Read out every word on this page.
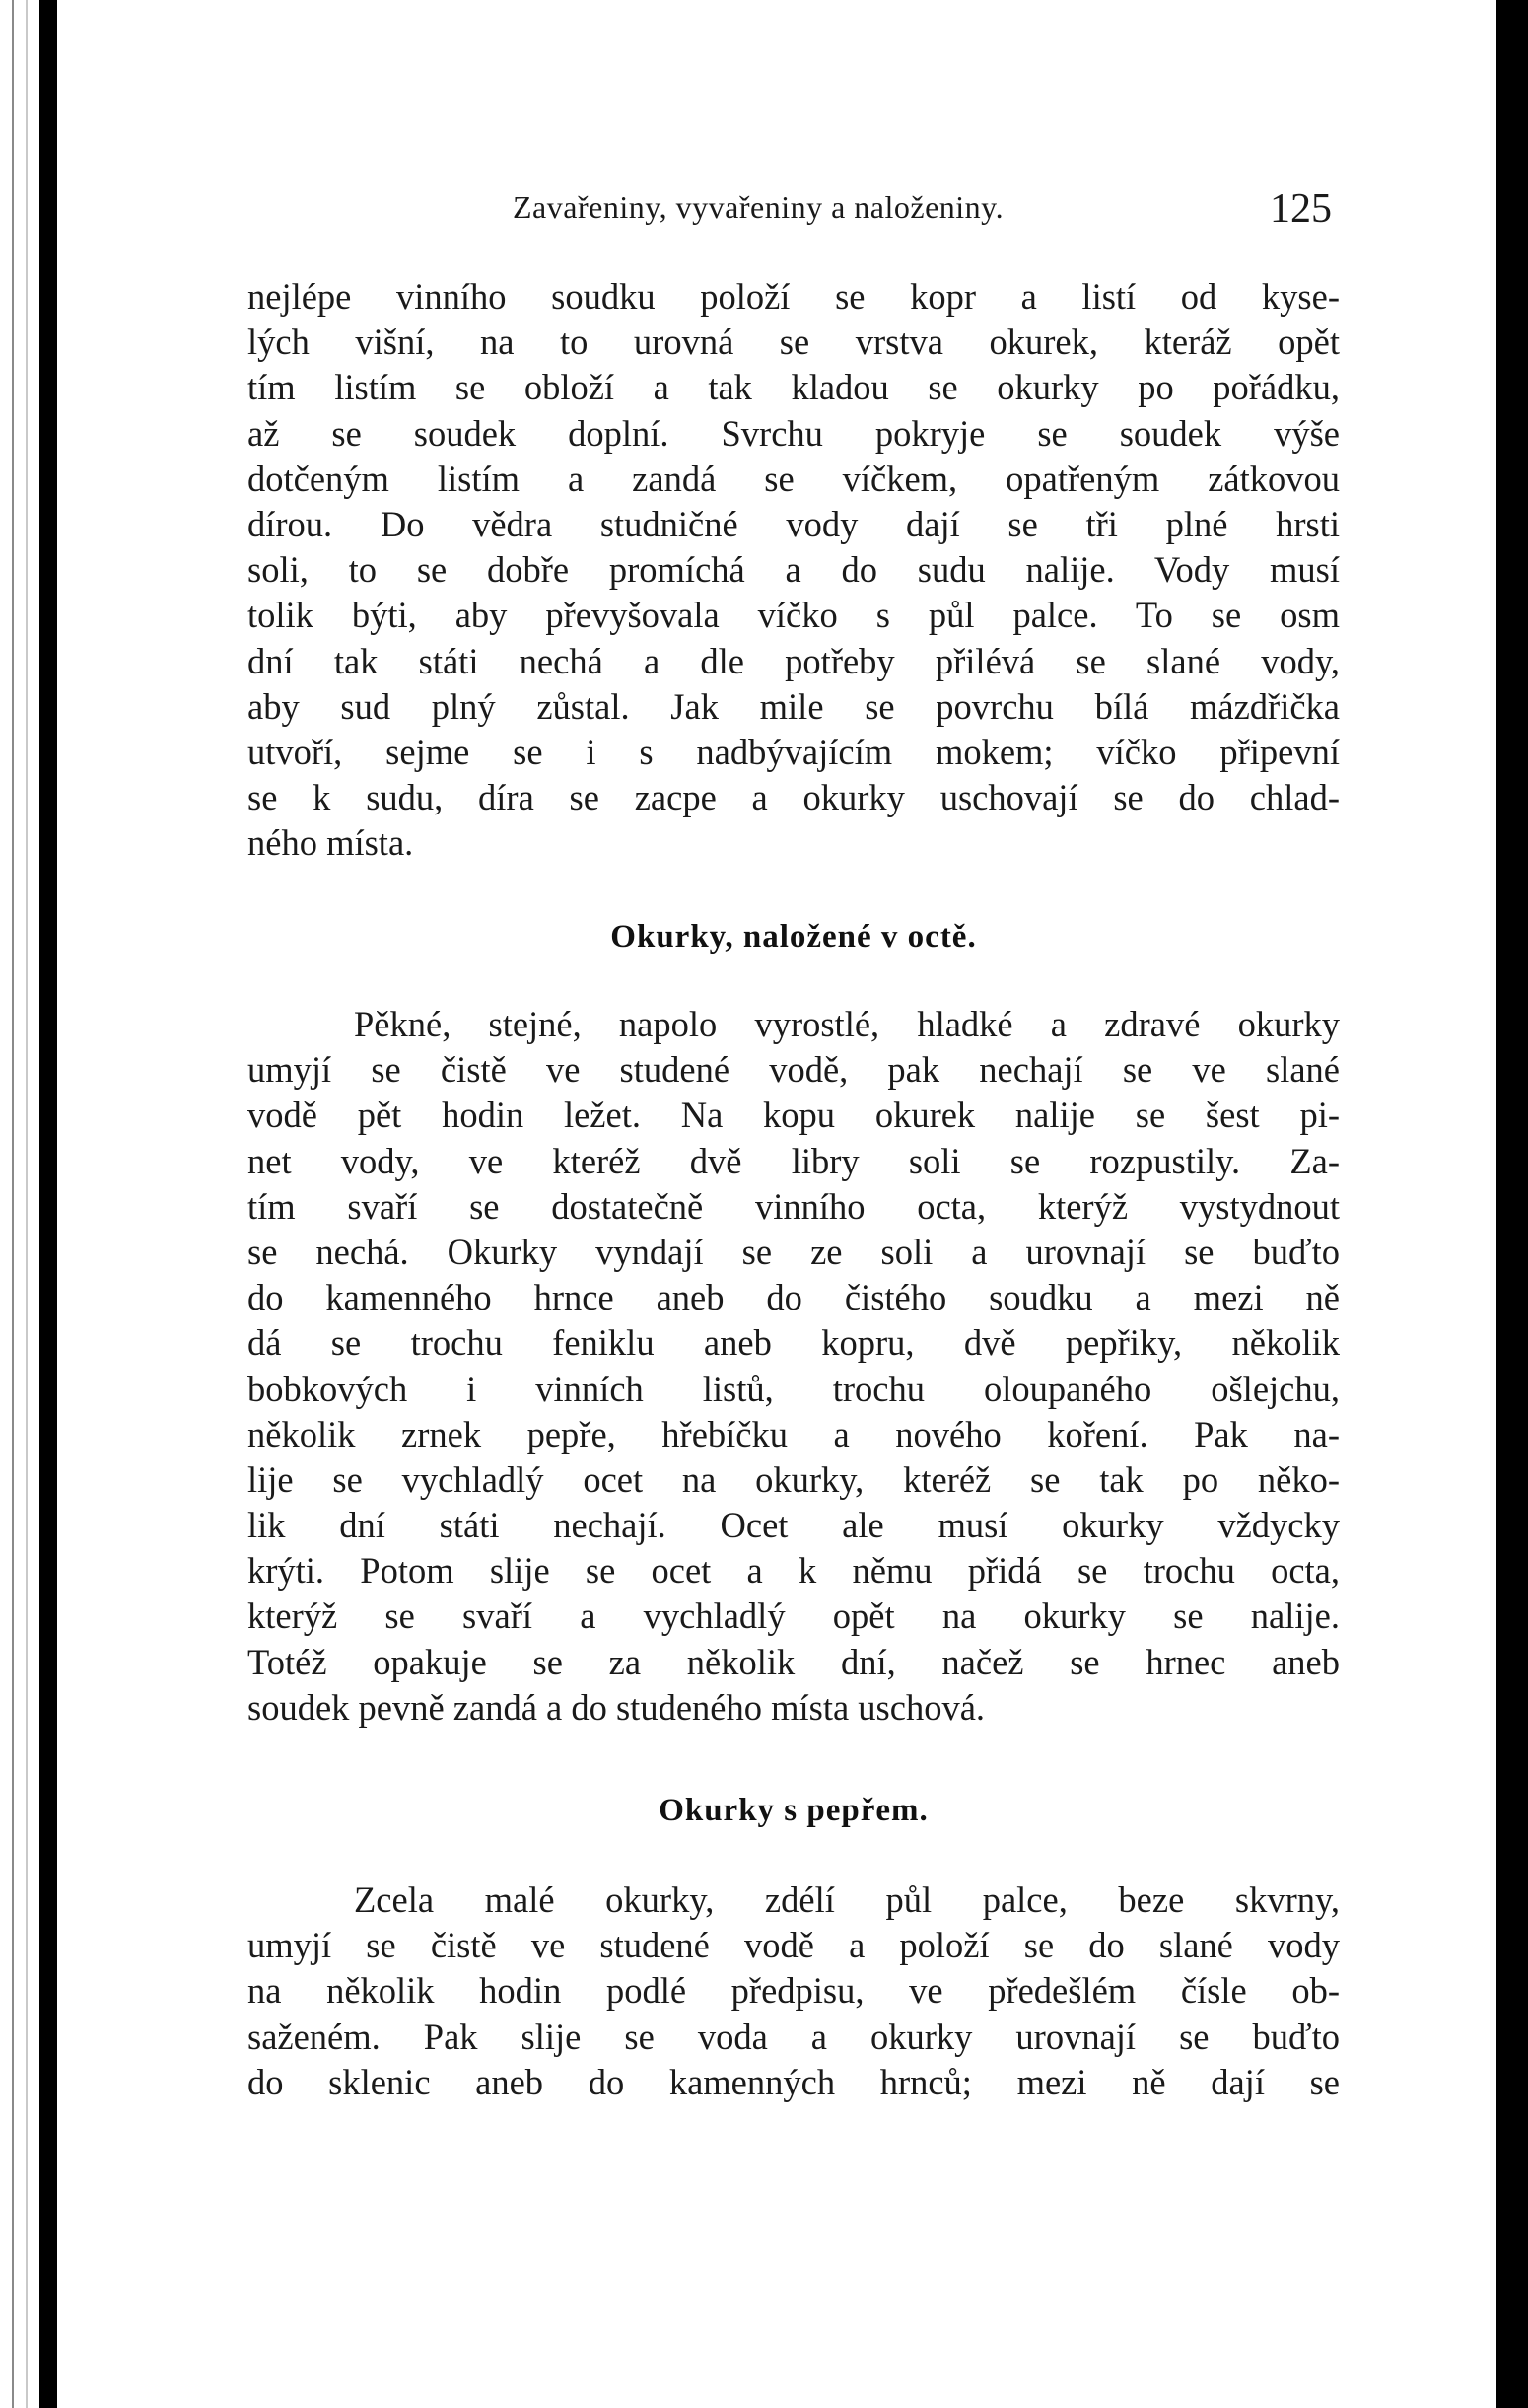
Zavařeniny, vyvařeniny a naloženiny.	125
nejlépe vinního soudku položí se kopr a listí od kyse-
lých višní, na to urovná se vrstva okurek, kteráž opět
tím listím se obloží a tak kladou se okurky po pořádku,
až se soudek doplní. Svrchu pokryje se soudek výše
dotčeným listím a zandá se víčkem, opatřeným zátkovou
dírou. Do vědra studničné vody dají se tři plné hrsti
soli, to se dobře promíchá a do sudu nalije. Vody musí
tolik býti, aby převyšovala víčko s půl palce. To se osm
dní tak státi nechá a dle potřeby přilévá se slané vody,
aby sud plný zůstal. Jak mile se povrchu bílá mázdřička
utvoří, sejme se i s nadbývajícím mokem; víčko připevní
se k sudu, díra se zacpe a okurky uschovají se do chlad-
ného místa.
Okurky, naložené v octě.
Pěkné, stejné, napolo vyrostlé, hladké a zdravé okurky
umyjí se čistě ve studené vodě, pak nechají se ve slané
vodě pět hodin ležet. Na kopu okurek nalije se šest pi-
net vody, ve kteréž dvě libry soli se rozpustily. Za-
tím svaří se dostatečně vinního octa, kterýž vystydnout
se nechá. Okurky vyndají se ze soli a urovnají se buďto
do kamenného hrnce aneb do čistého soudku a mezi ně
dá se trochu feniklu aneb kopru, dvě pepřiky, několik
bobkových i vinních listů, trochu oloupaného ošlejchu,
několik zrnek pepře, hřebíčku a nového koření. Pak na-
lije se vychladlý ocet na okurky, kteréž se tak po něko-
lik dní státi nechají. Ocet ale musí okurky vždycky
krýti. Potom slije se ocet a k němu přidá se trochu octa,
kterýž se svaří a vychladlý opět na okurky se nalije.
Totéž opakuje se za několik dní, načež se hrnec aneb
soudek pevně zandá a do studeného místa uschová.
Okurky s pepřem.
Zcela malé okurky, zdélí půl palce, beze skvrny,
umyjí se čistě ve studené vodě a položí se do slané vody
na několik hodin podlé předpisu, ve předešlém čísle ob-
saženém. Pak slije se voda a okurky urovnají se buďto
do sklenic aneb do kamenných hrnců; mezi ně dají se
